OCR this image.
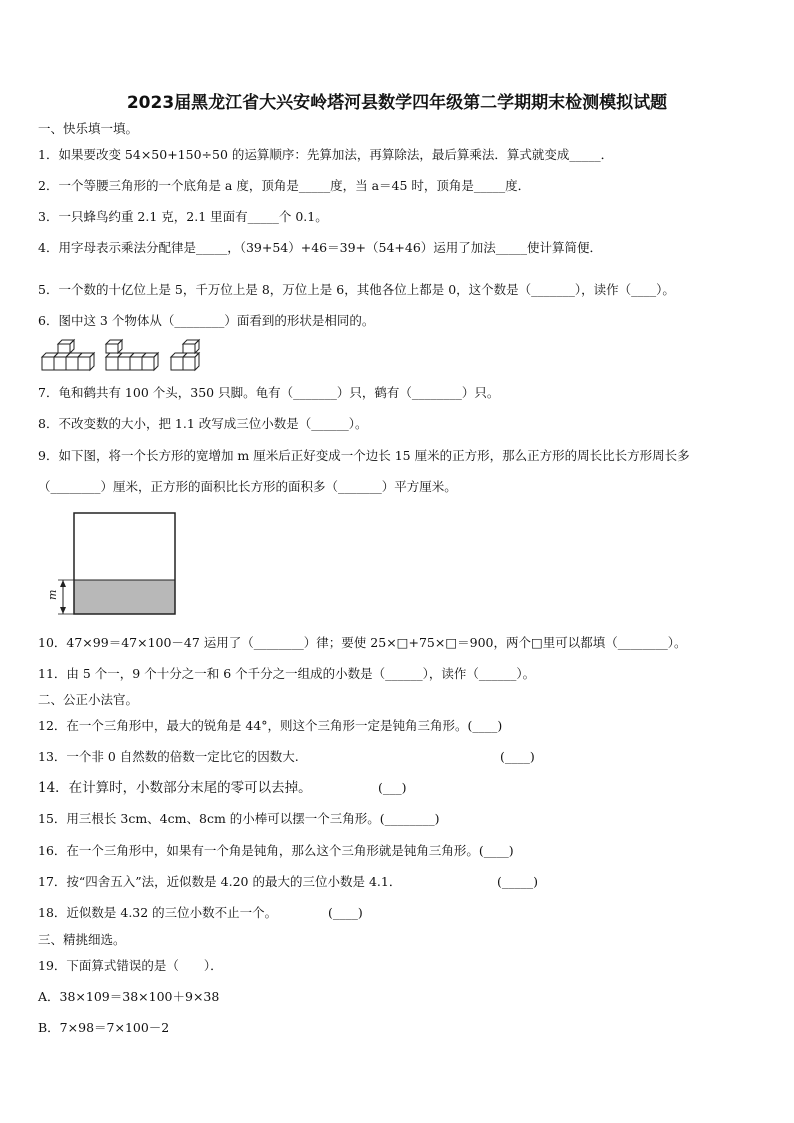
2023届黑龙江省大兴安岭塔河县数学四年级第二学期期末检测模拟试题
一、快乐填一填。
1．如果要改变 54×50+150÷50 的运算顺序：先算加法，再算除法，最后算乘法．算式就变成_____．
2．一个等腰三角形的一个底角是 a 度，顶角是_____度，当 a＝45 时，顶角是_____度．
3．一只蜂鸟约重 2.1 克，2.1 里面有_____个 0.1。
4．用字母表示乘法分配律是_____，（39+54）+46＝39+（54+46）运用了加法_____使计算简便．
5．一个数的十亿位上是 5，千万位上是 8，万位上是 6，其他各位上都是 0，这个数是（_______），读作（____）。
6．图中这 3 个物体从（________）面看到的形状是相同的。
7．龟和鹤共有 100 个头，350 只脚。龟有（_______）只，鹤有（________）只。
8．不改变数的大小，把 1.1 改写成三位小数是（______）。
9．如下图，将一个长方形的宽增加 m 厘米后正好变成一个边长 15 厘米的正方形，那么正方形的周长比长方形周长多
（________）厘米，正方形的面积比长方形的面积多（_______）平方厘米。
m
10．47×99＝47×100－47 运用了（________）律；要使 25×□+75×□＝900，两个□里可以都填（________）。
11．由 5 个一，9 个十分之一和 6 个千分之一组成的小数是（______），读作（______）。
二、公正小法官。
12．在一个三角形中，最大的锐角是 44°，则这个三角形一定是钝角三角形。(____)
13．一个非 0 自然数的倍数一定比它的因数大.	(____)
14．在计算时，小数部分末尾的零可以去掉。	(___)
15．用三根长 3cm、4cm、8cm 的小棒可以摆一个三角形。(________)
16．在一个三角形中，如果有一个角是钝角，那么这个三角形就是钝角三角形。(____)
17．按“四舍五入”法，近似数是 4.20 的最大的三位小数是 4.1．	(_____)
18．近似数是 4.32 的三位小数不止一个。	(____)
三、精挑细选。
19．下面算式错误的是（　　）．
A．38×109＝38×100＋9×38
B．7×98＝7×100－2
